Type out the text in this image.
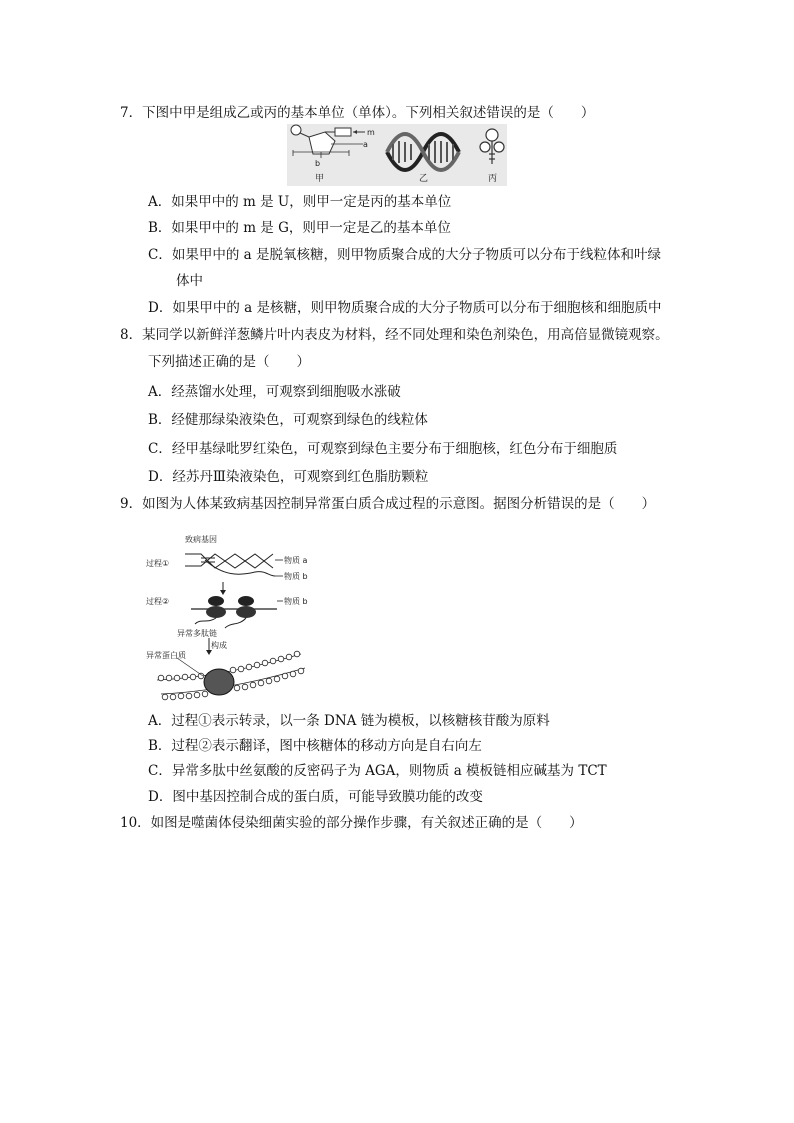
7．下图中甲是组成乙或丙的基本单位（单体）。下列相关叙述错误的是（　　）
m
a
b
甲	乙	丙
A．如果甲中的 m 是 U，则甲一定是丙的基本单位
B．如果甲中的 m 是 G，则甲一定是乙的基本单位
C．如果甲中的 a 是脱氧核糖，则甲物质聚合成的大分子物质可以分布于线粒体和叶绿
体中
D．如果甲中的 a 是核糖，则甲物质聚合成的大分子物质可以分布于细胞核和细胞质中
8．某同学以新鲜洋葱鳞片叶内表皮为材料，经不同处理和染色剂染色，用高倍显微镜观察。
下列描述正确的是（　　）
A．经蒸馏水处理，可观察到细胞吸水涨破
B．经健那绿染液染色，可观察到绿色的线粒体
C．经甲基绿吡罗红染色，可观察到绿色主要分布于细胞核，红色分布于细胞质
D．经苏丹Ⅲ染液染色，可观察到红色脂肪颗粒
9．如图为人体某致病基因控制异常蛋白质合成过程的示意图。据图分析错误的是（　　）
致病基因
过程①	物质 a
物质 b
过程②	物质 b
异常多肽链
构成
异常蛋白质
A．过程①表示转录，以一条 DNA 链为模板，以核糖核苷酸为原料
B．过程②表示翻译，图中核糖体的移动方向是自右向左
C．异常多肽中丝氨酸的反密码子为 AGA，则物质 a 模板链相应碱基为 TCT
D．图中基因控制合成的蛋白质，可能导致膜功能的改变
10．如图是噬菌体侵染细菌实验的部分操作步骤，有关叙述正确的是（　　）
